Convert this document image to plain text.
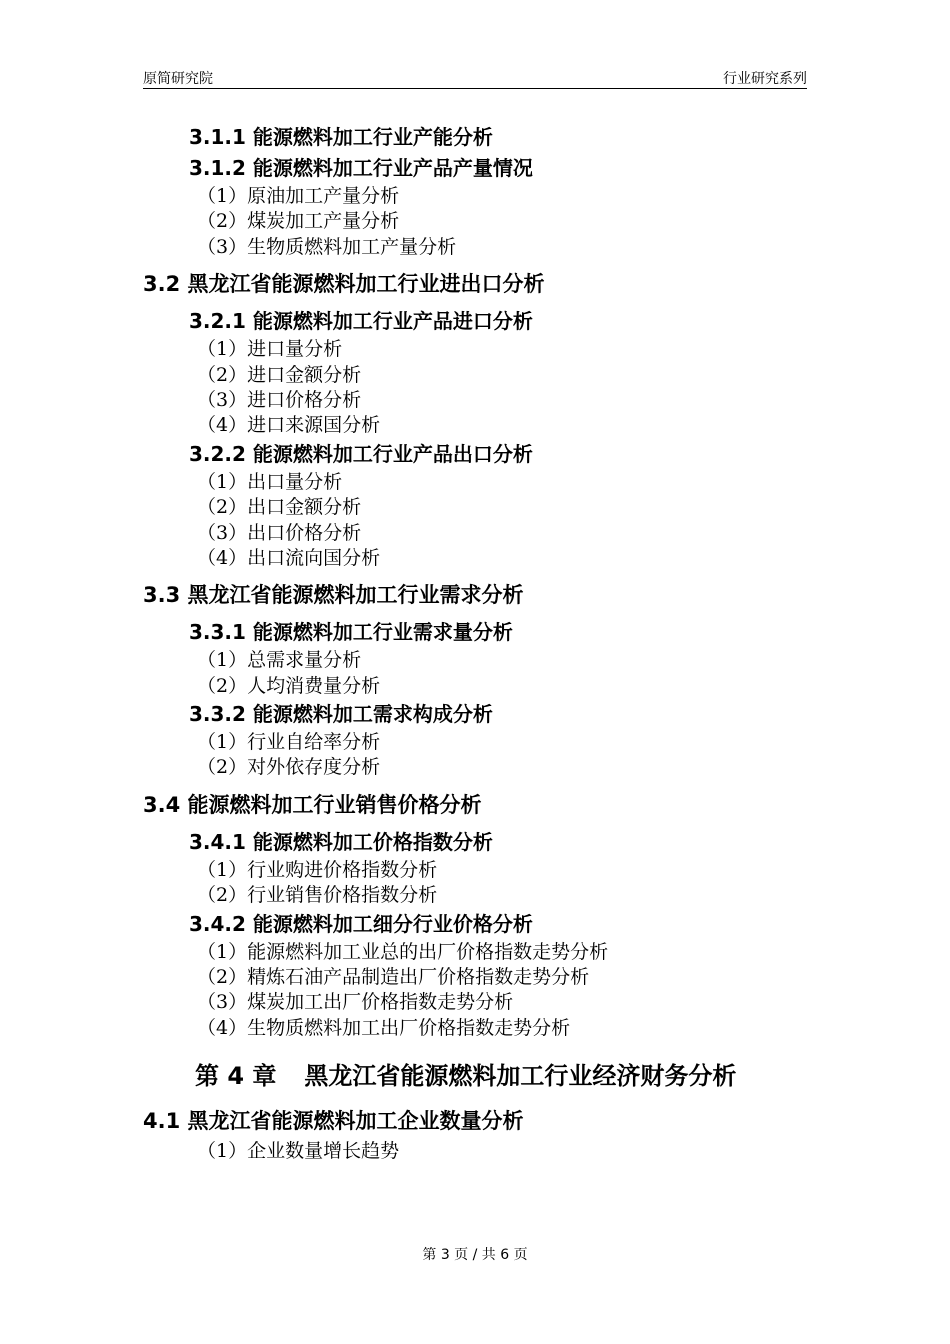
原简研究院	行业研究系列
3.1.1 能源燃料加工行业产能分析
3.1.2 能源燃料加工行业产品产量情况
（1）原油加工产量分析
（2）煤炭加工产量分析
（3）生物质燃料加工产量分析
3.2 黑龙江省能源燃料加工行业进出口分析
3.2.1 能源燃料加工行业产品进口分析
（1）进口量分析
（2）进口金额分析
（3）进口价格分析
（4）进口来源国分析
3.2.2 能源燃料加工行业产品出口分析
（1）出口量分析
（2）出口金额分析
（3）出口价格分析
（4）出口流向国分析
3.3 黑龙江省能源燃料加工行业需求分析
3.3.1 能源燃料加工行业需求量分析
（1）总需求量分析
（2）人均消费量分析
3.3.2 能源燃料加工需求构成分析
（1）行业自给率分析
（2）对外依存度分析
3.4 能源燃料加工行业销售价格分析
3.4.1 能源燃料加工价格指数分析
（1）行业购进价格指数分析
（2）行业销售价格指数分析
3.4.2 能源燃料加工细分行业价格分析
（1）能源燃料加工业总的出厂价格指数走势分析
（2）精炼石油产品制造出厂价格指数走势分析
（3）煤炭加工出厂价格指数走势分析
（4）生物质燃料加工出厂价格指数走势分析
第 4 章 黑龙江省能源燃料加工行业经济财务分析
4.1 黑龙江省能源燃料加工企业数量分析
（1）企业数量增长趋势
第 3 页 / 共 6 页
